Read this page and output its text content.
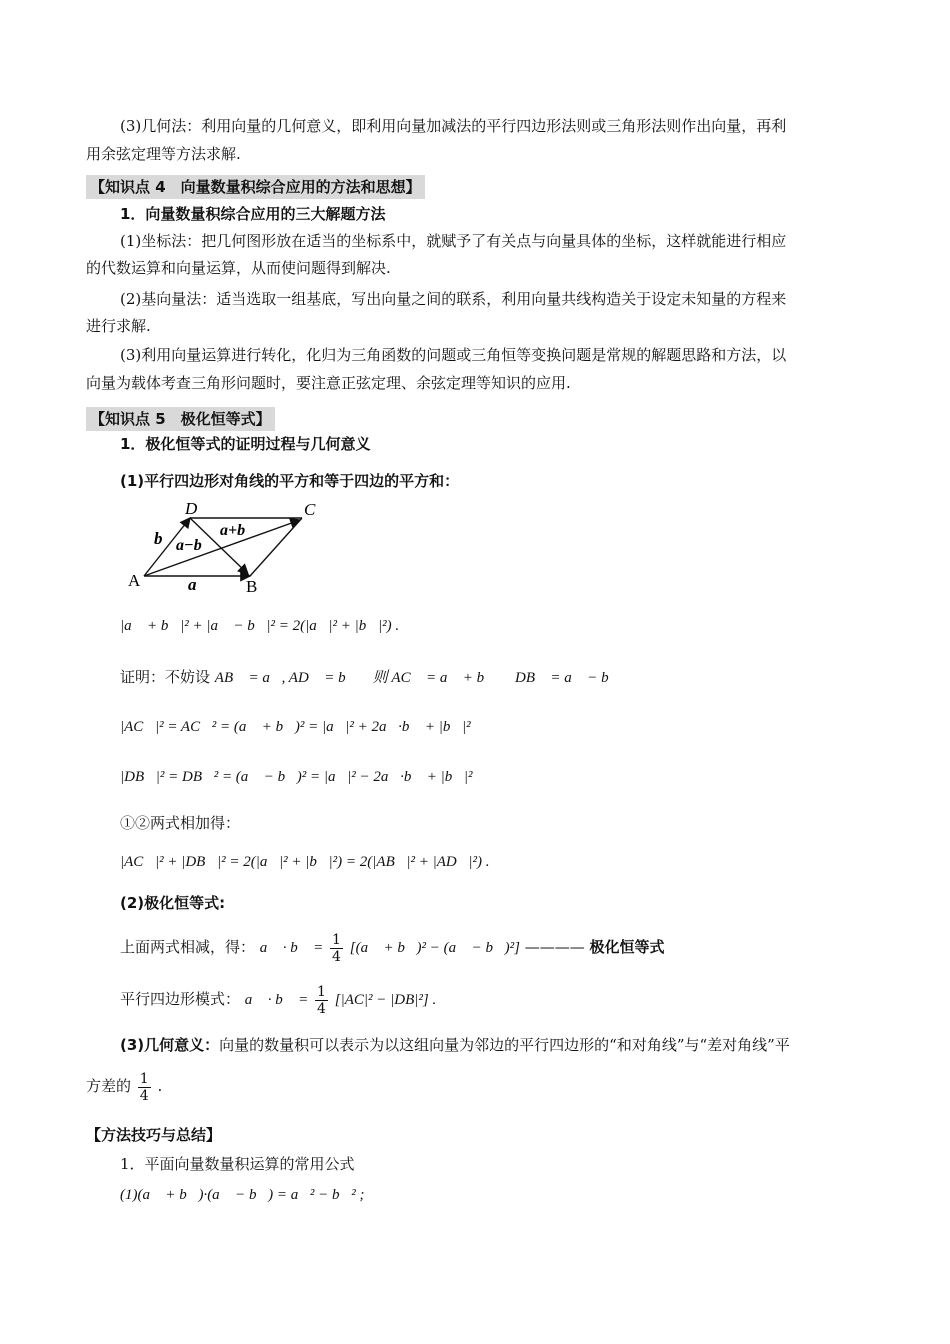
(3)几何法：利用向量的几何意义，即利用向量加减法的平行四边形法则或三角形法则作出向量，再利
用余弦定理等方法求解.
【知识点 4　向量数量积综合应用的方法和思想】
1．向量数量积综合应用的三大解题方法
(1)坐标法：把几何图形放在适当的坐标系中，就赋予了有关点与向量具体的坐标，这样就能进行相应
的代数运算和向量运算，从而使问题得到解决.
(2)基向量法：适当选取一组基底，写出向量之间的联系，利用向量共线构造关于设定未知量的方程来
进行求解.
(3)利用向量运算进行转化，化归为三角函数的问题或三角恒等变换问题是常规的解题思路和方法，以
向量为载体考查三角形问题时，要注意正弦定理、余弦定理等知识的应用.
【知识点 5　极化恒等式】
1．极化恒等式的证明过程与几何意义
(1)平行四边形对角线的平方和等于四边的平方和：
A	B
C
D
a
b	a+b
a−b
|a⃗ + b⃗|² + |a⃗ − b⃗|² = 2(|a⃗|² + |b⃗|²) .
证明：不妨设 AB⃗ = a⃗, AD⃗ = b⃗ ，则 AC⃗ = a⃗ + b⃗ ， DB⃗ = a⃗ − b⃗ ，
|AC⃗|² = AC⃗² = (a⃗ + b⃗)² = |a⃗|² + 2a⃗·b⃗ + |b⃗|² ①，
|DB⃗|² = DB⃗² = (a⃗ − b⃗)² = |a⃗|² − 2a⃗·b⃗ + |b⃗|² ②，
①②两式相加得：
|AC⃗|² + |DB⃗|² = 2(|a⃗|² + |b⃗|²) = 2(|AB⃗|² + |AD⃗|²) .
(2)极化恒等式:
上面两式相减，得： a⃗ · b⃗ = $\frac{1}{4}$ [(a⃗ + b⃗)² − (a⃗ − b⃗)²] ———— 极化恒等式
平行四边形模式： a⃗ · b⃗ = $\frac{1}{4} [|AC|^2 - |DB|^2]$ .
(3)几何意义：向量的数量积可以表示为以这组向量为邻边的平行四边形的“和对角线”与“差对角线”平
方差的 $\frac{1}{4}$ .
【方法技巧与总结】
1．平面向量数量积运算的常用公式
(1)(a⃗ + b⃗)·(a⃗ − b⃗) = a⃗² − b⃗² ;
